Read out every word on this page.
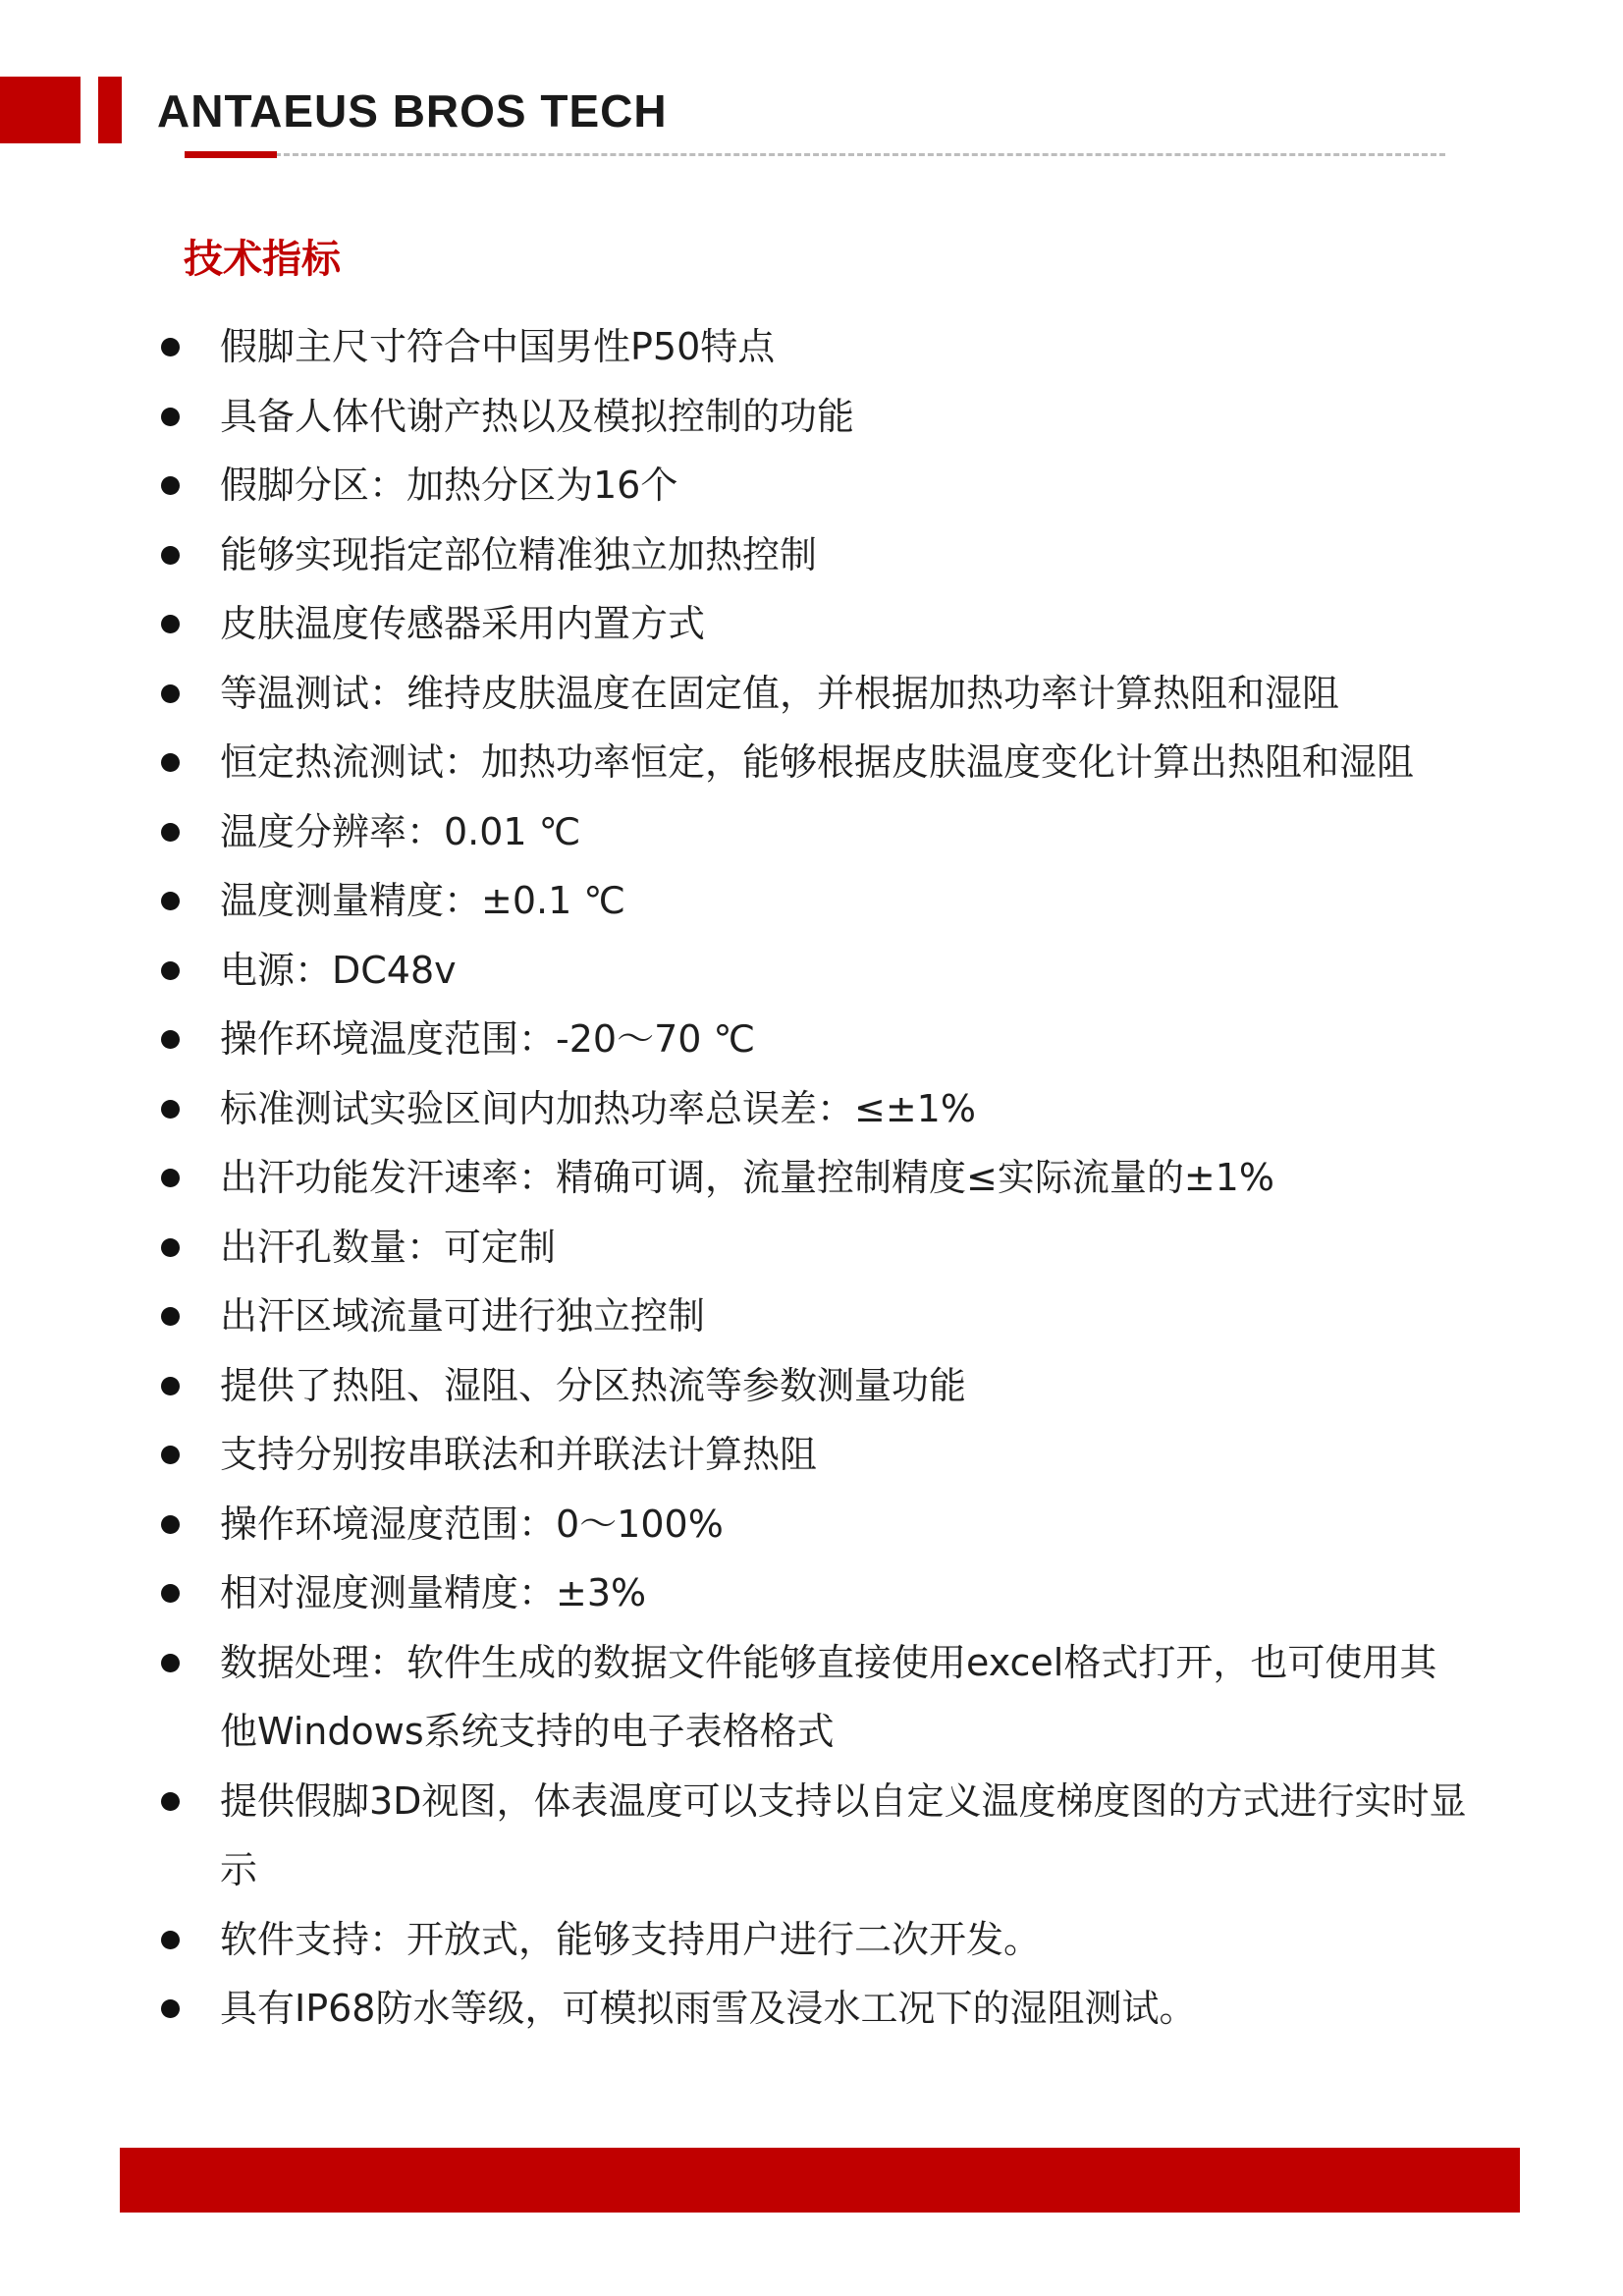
ANTAEUS BROS TECH
技术指标
假脚主尺寸符合中国男性P50特点
具备人体代谢产热以及模拟控制的功能
假脚分区：加热分区为16个
能够实现指定部位精准独立加热控制
皮肤温度传感器采用内置方式
等温测试：维持皮肤温度在固定值，并根据加热功率计算热阻和湿阻
恒定热流测试：加热功率恒定，能够根据皮肤温度变化计算出热阻和湿阻
温度分辨率：0.01 ℃
温度测量精度：±0.1 ℃
电源：DC48v
操作环境温度范围：-20～70 ℃
标准测试实验区间内加热功率总误差：≤±1%
出汗功能发汗速率：精确可调，流量控制精度≤实际流量的±1%
出汗孔数量：可定制
出汗区域流量可进行独立控制
提供了热阻、湿阻、分区热流等参数测量功能
支持分别按串联法和并联法计算热阻
操作环境湿度范围：0～100%
相对湿度测量精度：±3%
数据处理：软件生成的数据文件能够直接使用excel格式打开，也可使用其他Windows系统支持的电子表格格式
提供假脚3D视图，体表温度可以支持以自定义温度梯度图的方式进行实时显示
软件支持：开放式，能够支持用户进行二次开发。
具有IP68防水等级，可模拟雨雪及浸水工况下的湿阻测试。
